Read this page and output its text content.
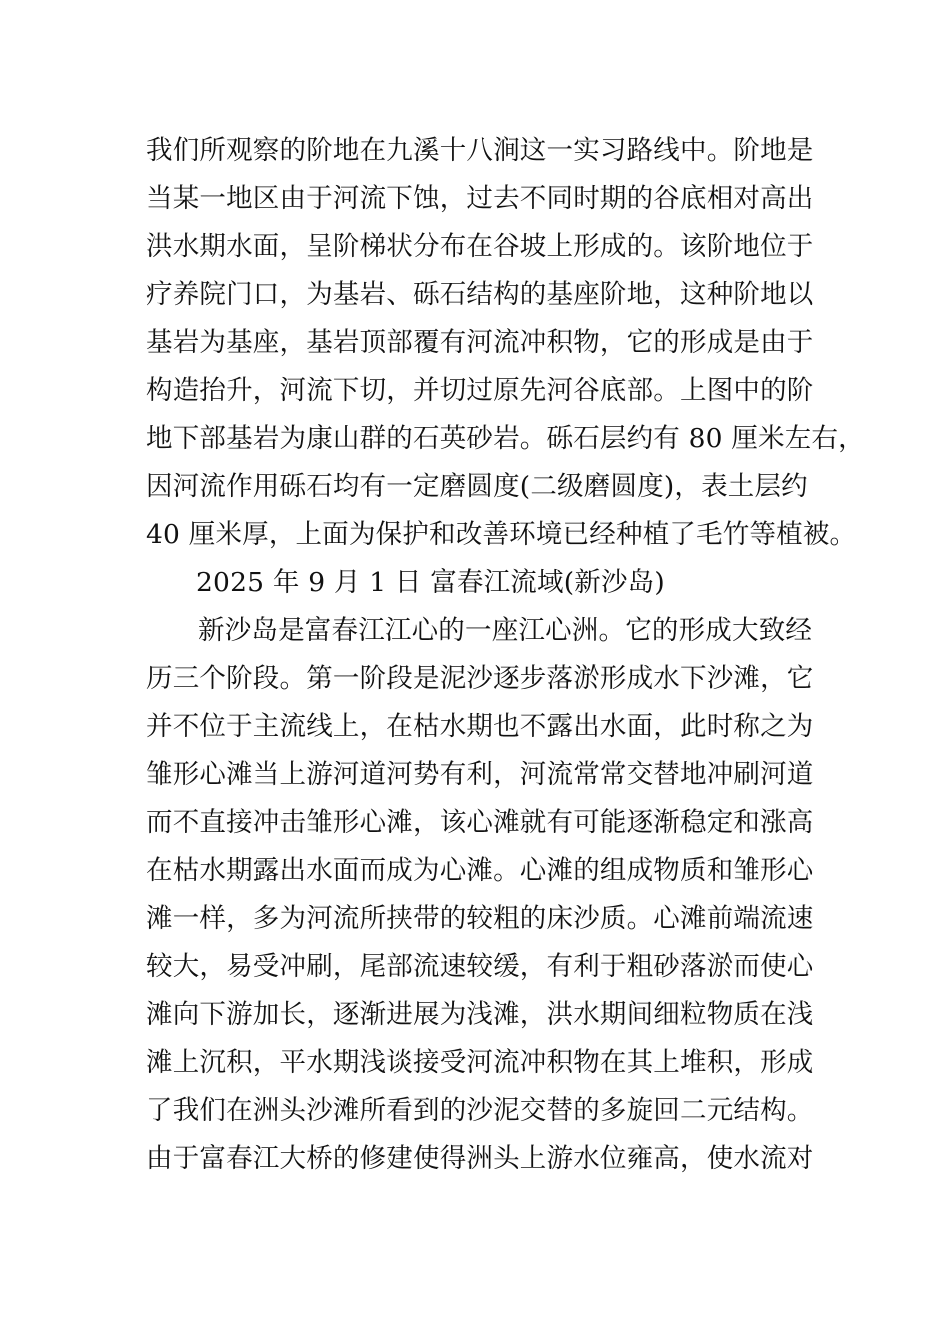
我们所观察的阶地在九溪十八涧这一实习路线中。阶地是
当某一地区由于河流下蚀，过去不同时期的谷底相对高出
洪水期水面，呈阶梯状分布在谷坡上形成的。该阶地位于
疗养院门口，为基岩、砾石结构的基座阶地，这种阶地以
基岩为基座，基岩顶部覆有河流冲积物，它的形成是由于
构造抬升，河流下切，并切过原先河谷底部。上图中的阶
地下部基岩为康山群的石英砂岩。砾石层约有 80 厘米左右，
因河流作用砾石均有一定磨圆度(二级磨圆度)，表土层约
40 厘米厚，上面为保护和改善环境已经种植了毛竹等植被。
2025 年 9 月 1 日 富春江流域(新沙岛)
新沙岛是富春江江心的一座江心洲。它的形成大致经
历三个阶段。第一阶段是泥沙逐步落淤形成水下沙滩，它
并不位于主流线上，在枯水期也不露出水面，此时称之为
雏形心滩当上游河道河势有利，河流常常交替地冲刷河道
而不直接冲击雏形心滩，该心滩就有可能逐渐稳定和涨高
在枯水期露出水面而成为心滩。心滩的组成物质和雏形心
滩一样，多为河流所挟带的较粗的床沙质。心滩前端流速
较大，易受冲刷，尾部流速较缓，有利于粗砂落淤而使心
滩向下游加长，逐渐进展为浅滩，洪水期间细粒物质在浅
滩上沉积，平水期浅谈接受河流冲积物在其上堆积，形成
了我们在洲头沙滩所看到的沙泥交替的多旋回二元结构。
由于富春江大桥的修建使得洲头上游水位雍高，使水流对
